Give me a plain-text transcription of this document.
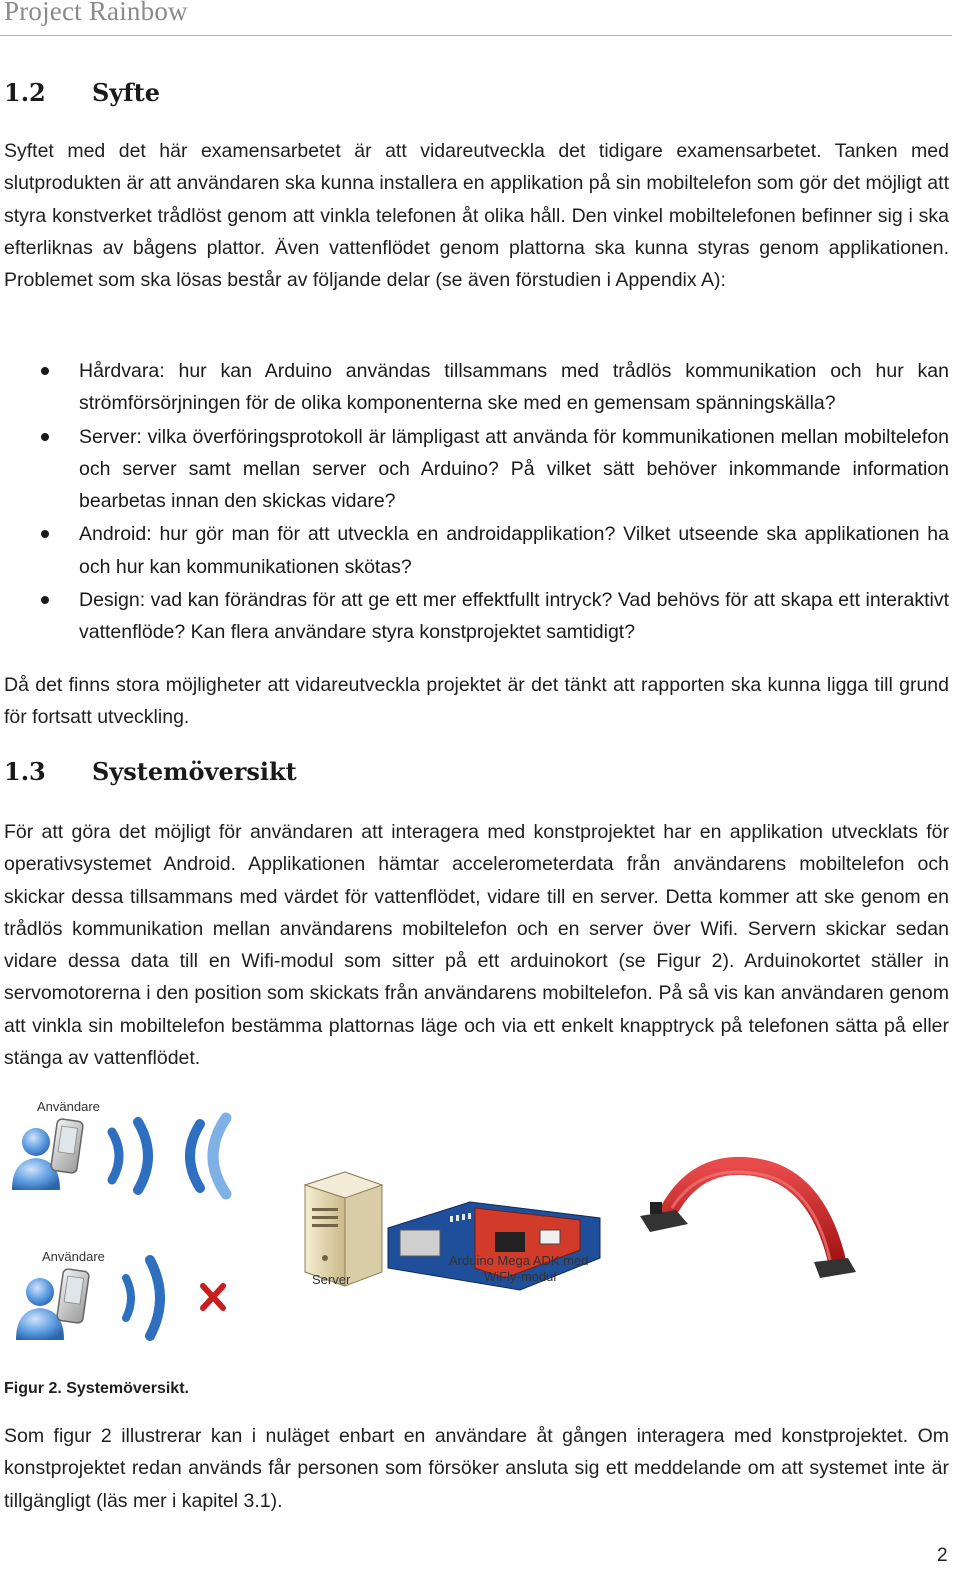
Project Rainbow
1.2 Syfte
Syftet med det här examensarbetet är att vidareutveckla det tidigare examensarbetet. Tanken med slutprodukten är att användaren ska kunna installera en applikation på sin mobiltelefon som gör det möjligt att styra konstverket trådlöst genom att vinkla telefonen åt olika håll. Den vinkel mobiltelefonen befinner sig i ska efterliknas av bågens plattor. Även vattenflödet genom plattorna ska kunna styras genom applikationen. Problemet som ska lösas består av följande delar (se även förstudien i Appendix A):
Hårdvara: hur kan Arduino användas tillsammans med trådlös kommunikation och hur kan strömförsörjningen för de olika komponenterna ske med en gemensam spänningskälla?
Server: vilka överföringsprotokoll är lämpligast att använda för kommunikationen mellan mobiltelefon och server samt mellan server och Arduino? På vilket sätt behöver inkommande information bearbetas innan den skickas vidare?
Android: hur gör man för att utveckla en androidapplikation? Vilket utseende ska applikationen ha och hur kan kommunikationen skötas?
Design: vad kan förändras för att ge ett mer effektfullt intryck? Vad behövs för att skapa ett interaktivt vattenflöde? Kan flera användare styra konstprojektet samtidigt?
Då det finns stora möjligheter att vidareutveckla projektet är det tänkt att rapporten ska kunna ligga till grund för fortsatt utveckling.
1.3 Systemöversikt
För att göra det möjligt för användaren att interagera med konstprojektet har en applikation utvecklats för operativsystemet Android. Applikationen hämtar accelerometerdata från användarens mobiltelefon och skickar dessa tillsammans med värdet för vattenflödet, vidare till en server. Detta kommer att ske genom en trådlös kommunikation mellan användarens mobiltelefon och en server över Wifi. Servern skickar sedan vidare dessa data till en Wifi-modul som sitter på ett arduinokort (se Figur 2). Arduinokortet ställer in servomotorerna i den position som skickats från användarens mobiltelefon. På så vis kan användaren genom att vinkla sin mobiltelefon bestämma plattornas läge och via ett enkelt knapptryck på telefonen sätta på eller stänga av vattenflödet.
Användare
Användare
Server
Arduino Mega ADK med
WiFly-modul
Figur 2. Systemöversikt.
Som figur 2 illustrerar kan i nuläget enbart en användare åt gången interagera med konstprojektet. Om konstprojektet redan används får personen som försöker ansluta sig ett meddelande om att systemet inte är tillgängligt (läs mer i kapitel 3.1).
2
